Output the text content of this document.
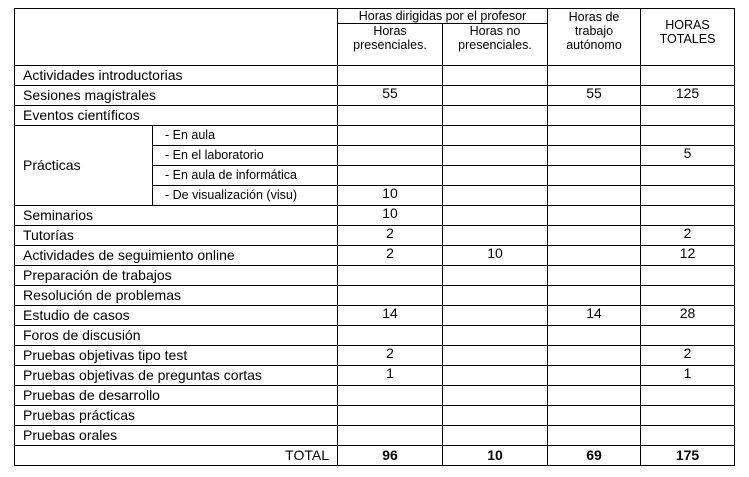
		Horas dirigidas por el profesor		Horas de trabajo autónomo	HORAS TOTALES
		Horas presenciales.	Horas no presenciales.		
Actividades introductorias					
Sesiones magistrales		55		55	125
Eventos científicos					
Prácticas	- En aula				
	- En el laboratorio				5
	- En aula de informática				
	- De visualización (visu)	10			
Seminarios		10			
Tutorías		2			2
Actividades de seguimiento online		2	10		12
Preparación de trabajos					
Resolución de problemas					
Estudio de casos		14		14	28
Foros de discusión					
Pruebas objetivas tipo test		2			2
Pruebas objetivas de preguntas cortas		1			1
Pruebas de desarrollo					
Pruebas prácticas					
Pruebas orales					
TOTAL		96	10	69	175
